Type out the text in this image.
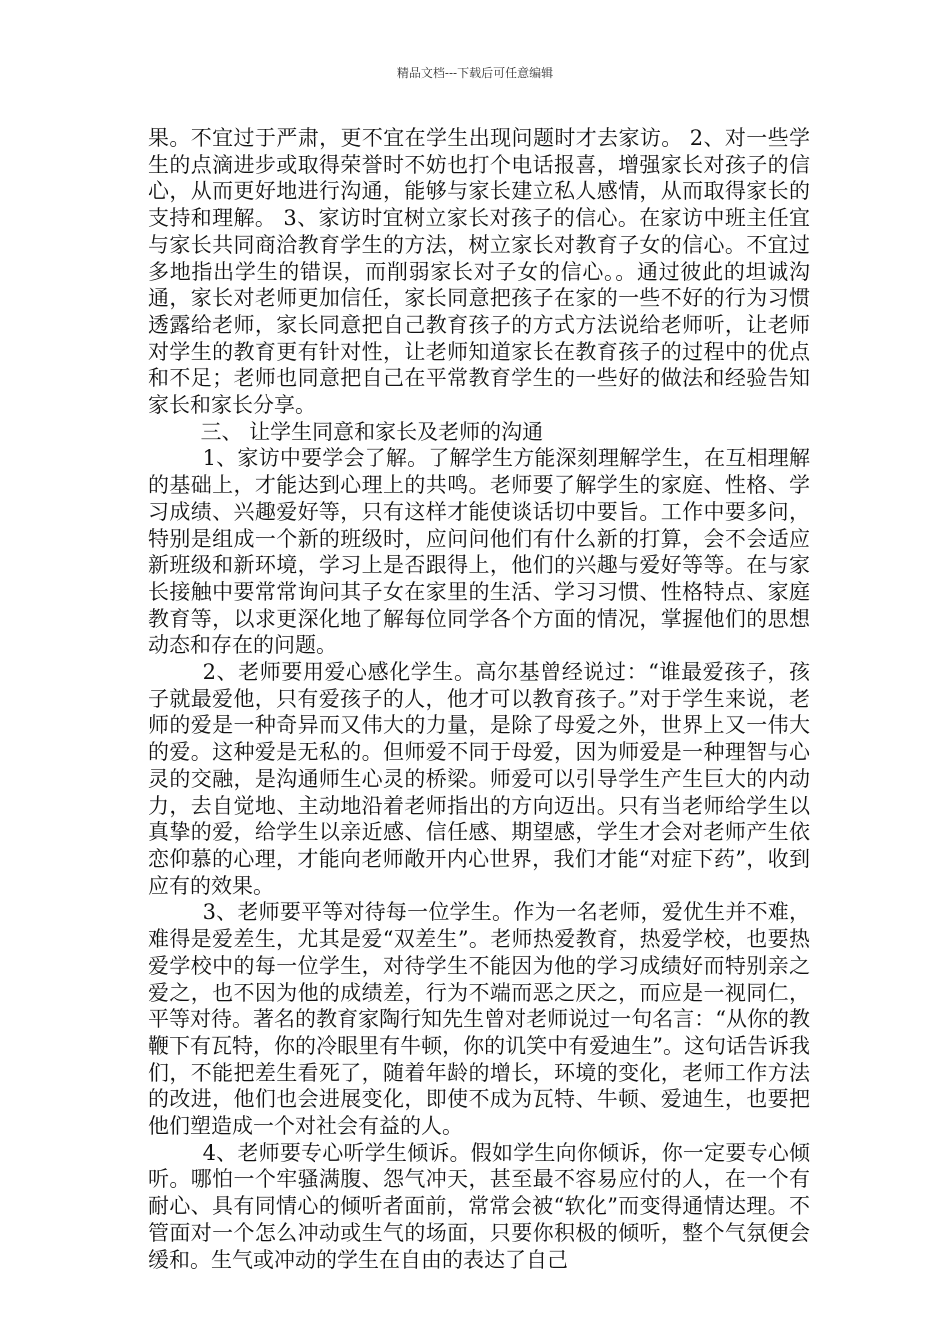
精品文档---下载后可任意编辑

果。不宜过于严肃，更不宜在学生出现问题时才去家访。 2、对一些学生的点滴进步或取得荣誉时不妨也打个电话报喜，增强家长对孩子的信心，从而更好地进行沟通，能够与家长建立私人感情，从而取得家长的支持和理解。 3、家访时宜树立家长对孩子的信心。在家访中班主任宜与家长共同商洽教育学生的方法，树立家长对教育子女的信心。不宜过多地指出学生的错误，而削弱家长对子女的信心。。通过彼此的坦诚沟通，家长对老师更加信任，家长同意把孩子在家的一些不好的行为习惯透露给老师，家长同意把自己教育孩子的方式方法说给老师听，让老师对学生的教育更有针对性，让老师知道家长在教育孩子的过程中的优点和不足；老师也同意把自己在平常教育学生的一些好的做法和经验告知家长和家长分享。

三、 让学生同意和家长及老师的沟通

1、家访中要学会了解。了解学生方能深刻理解学生，在互相理解的基础上，才能达到心理上的共鸣。老师要了解学生的家庭、性格、学习成绩、兴趣爱好等，只有这样才能使谈话切中要旨。工作中要多问，特别是组成一个新的班级时，应问问他们有什么新的打算，会不会适应新班级和新环境，学习上是否跟得上，他们的兴趣与爱好等等。在与家长接触中要常常询问其子女在家里的生活、学习习惯、性格特点、家庭教育等，以求更深化地了解每位同学各个方面的情况，掌握他们的思想动态和存在的问题。

2、老师要用爱心感化学生。高尔基曾经说过：“谁最爱孩子，孩子就最爱他，只有爱孩子的人，他才可以教育孩子。”对于学生来说，老师的爱是一种奇异而又伟大的力量，是除了母爱之外，世界上又一伟大的爱。这种爱是无私的。但师爱不同于母爱，因为师爱是一种理智与心灵的交融，是沟通师生心灵的桥梁。师爱可以引导学生产生巨大的内动力，去自觉地、主动地沿着老师指出的方向迈出。只有当老师给学生以真挚的爱，给学生以亲近感、信任感、期望感，学生才会对老师产生依恋仰慕的心理，才能向老师敞开内心世界，我们才能“对症下药”，收到应有的效果。

3、老师要平等对待每一位学生。作为一名老师，爱优生并不难，难得是爱差生，尤其是爱“双差生”。老师热爱教育，热爱学校，也要热爱学校中的每一位学生，对待学生不能因为他的学习成绩好而特别亲之爱之，也不因为他的成绩差，行为不端而恶之厌之，而应是一视同仁，平等对待。著名的教育家陶行知先生曾对老师说过一句名言：“从你的教鞭下有瓦特，你的冷眼里有牛顿，你的讥笑中有爱迪生”。这句话告诉我们，不能把差生看死了，随着年龄的增长，环境的变化，老师工作方法的改进，他们也会进展变化，即使不成为瓦特、牛顿、爱迪生，也要把他们塑造成一个对社会有益的人。

4、老师要专心听学生倾诉。假如学生向你倾诉，你一定要专心倾听。哪怕一个牢骚满腹、怨气冲天，甚至最不容易应付的人，在一个有耐心、具有同情心的倾听者面前，常常会被“软化”而变得通情达理。不管面对一个怎么冲动或生气的场面，只要你积极的倾听，整个气氛便会缓和。生气或冲动的学生在自由的表达了自己
